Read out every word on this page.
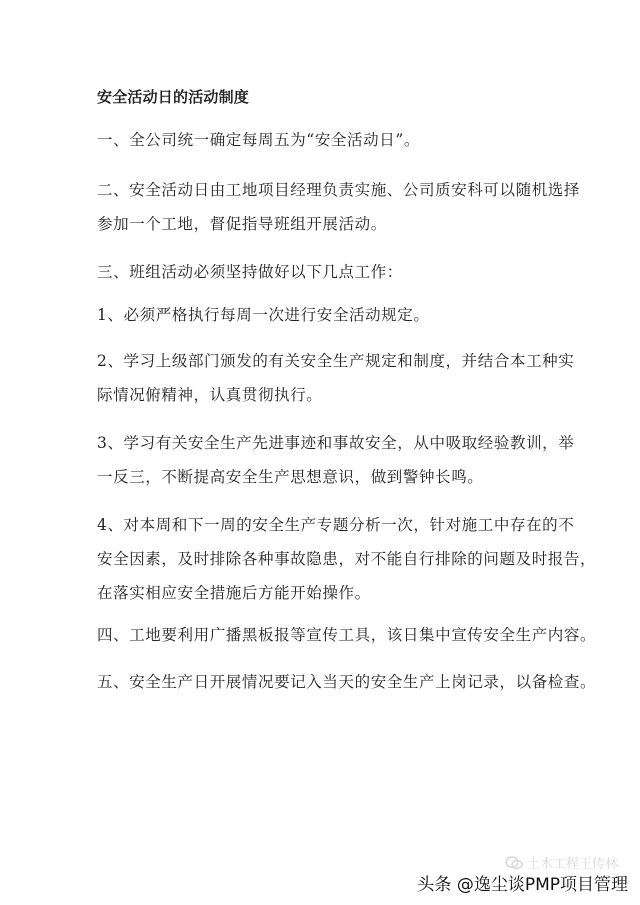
安全活动日的活动制度
一、全公司统一确定每周五为“安全活动日”。
二、安全活动日由工地项目经理负责实施、公司质安科可以随机选择
参加一个工地，督促指导班组开展活动。
三、班组活动必须坚持做好以下几点工作：
1、必须严格执行每周一次进行安全活动规定。
2、学习上级部门颁发的有关安全生产规定和制度，并结合本工种实
际情况俯精神，认真贯彻执行。
3、学习有关安全生产先进事迹和事故安全，从中吸取经验教训，举
一反三，不断提高安全生产思想意识，做到警钟长鸣。
4、对本周和下一周的安全生产专题分析一次，针对施工中存在的不
安全因素，及时排除各种事故隐患，对不能自行排除的问题及时报告，
在落实相应安全措施后方能开始操作。
四、工地要利用广播黑板报等宣传工具，该日集中宣传安全生产内容。
五、安全生产日开展情况要记入当天的安全生产上岗记录，以备检查。
土木工程王传林
头条 @逸尘谈PMP项目管理
